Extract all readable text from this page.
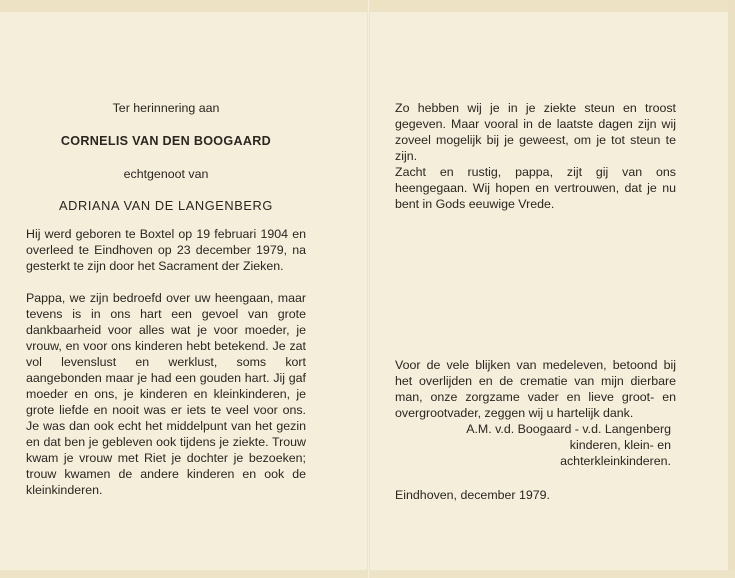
Ter herinnering aan

CORNELIS VAN DEN BOOGAARD

echtgenoot van

ADRIANA VAN DE LANGENBERG

Hij werd geboren te Boxtel op 19 februari 1904 en overleed te Eindhoven op 23 december 1979, na gesterkt te zijn door het Sacrament der Zieken.

Pappa, we zijn bedroefd over uw heengaan, maar tevens is in ons hart een gevoel van grote dankbaarheid voor alles wat je voor moeder, je vrouw, en voor ons kinderen hebt betekend. Je zat vol levenslust en werklust, soms kort aangebonden maar je had een gouden hart. Jij gaf moeder en ons, je kinderen en kleinkinderen, je grote liefde en nooit was er iets te veel voor ons. Je was dan ook echt het middelpunt van het gezin en dat ben je gebleven ook tijdens je ziekte. Trouw kwam je vrouw met Riet je dochter je bezoeken; trouw kwamen de andere kinderen en ook de kleinkinderen.

Zo hebben wij je in je ziekte steun en troost gegeven. Maar vooral in de laatste dagen zijn wij zoveel mogelijk bij je geweest, om je tot steun te zijn.

Zacht en rustig, pappa, zijt gij van ons heengegaan. Wij hopen en vertrouwen, dat je nu bent in Gods eeuwige Vrede.

Voor de vele blijken van medeleven, betoond bij het overlijden en de crematie van mijn dierbare man, onze zorgzame vader en lieve groot- en overgrootvader, zeggen wij u hartelijk dank.

A.M. v.d. Boogaard - v.d. Langenberg

kinderen, klein- en

achterkleinkinderen.

Eindhoven, december 1979.
